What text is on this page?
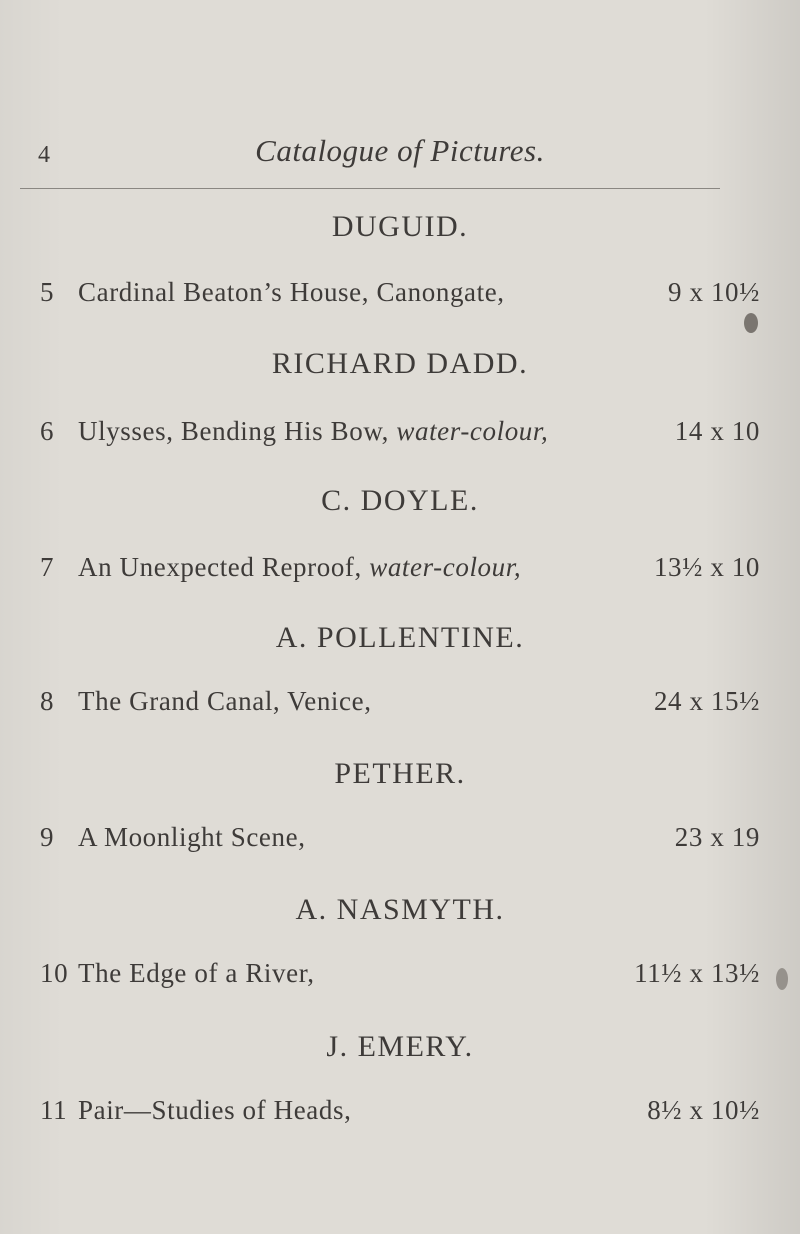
4	Catalogue of Pictures.
DUGUID.
5 Cardinal Beaton’s House, Canongate,	9 x 10½
RICHARD DADD.
6 Ulysses, Bending His Bow, water-colour,	14 x 10
C. DOYLE.
7 An Unexpected Reproof, water-colour,	13½ x 10
A. POLLENTINE.
8 The Grand Canal, Venice,	24 x 15½
PETHER.
9 A Moonlight Scene,	23 x 19
A. NASMYTH.
10 The Edge of a River,	11½ x 13½
J. EMERY.
11 Pair—Studies of Heads,	8½ x 10½
